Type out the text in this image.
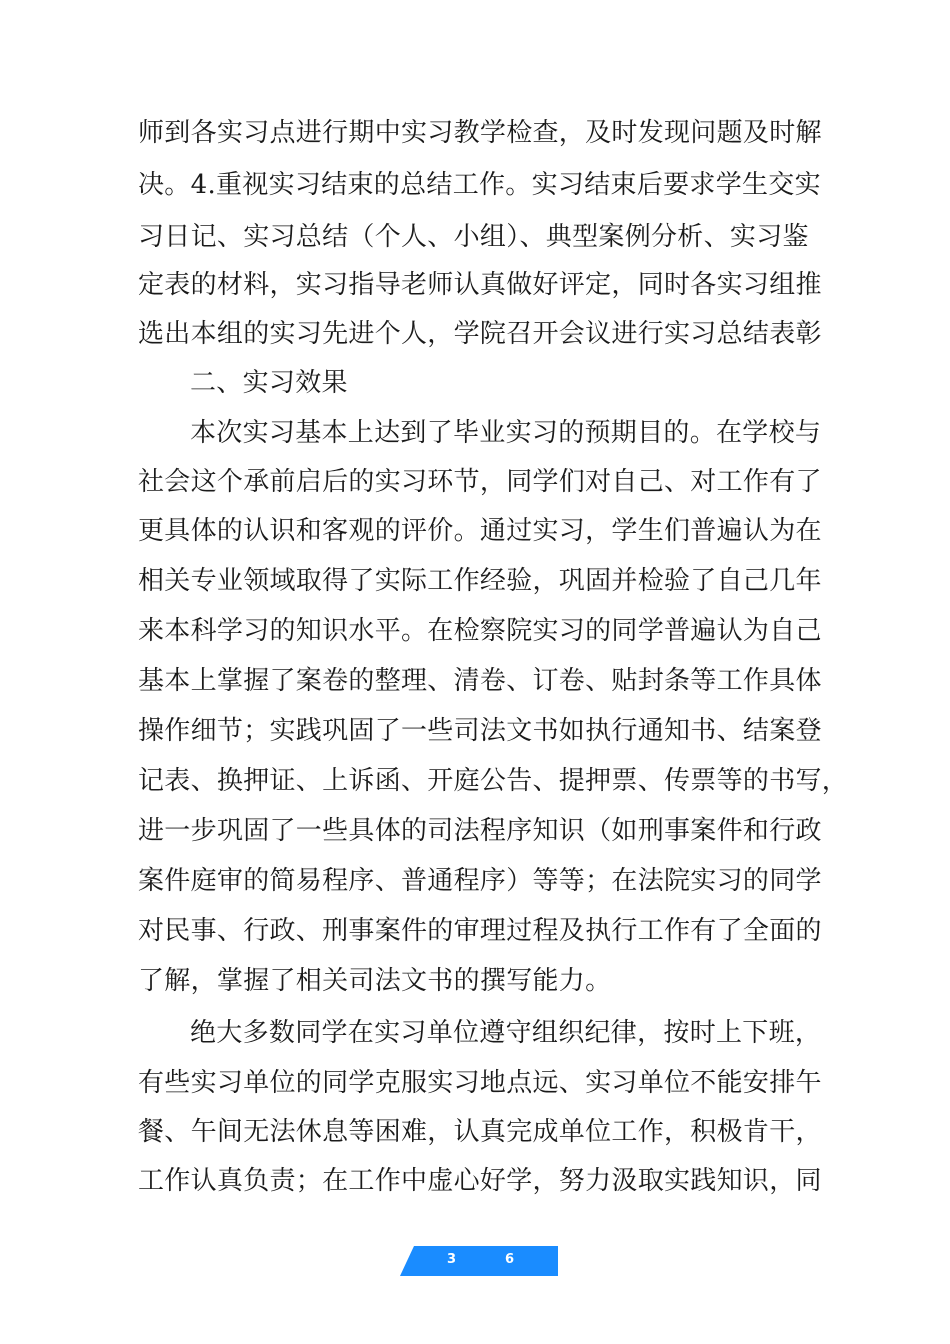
师到各实习点进行期中实习教学检查，及时发现问题及时解
决。4.重视实习结束的总结工作。实习结束后要求学生交实
习日记、实习总结（个人、小组）、典型案例分析、实习鉴
定表的材料，实习指导老师认真做好评定，同时各实习组推
选出本组的实习先进个人，学院召开会议进行实习总结表彰
二、实习效果
本次实习基本上达到了毕业实习的预期目的。在学校与
社会这个承前启后的实习环节，同学们对自己、对工作有了
更具体的认识和客观的评价。通过实习，学生们普遍认为在
相关专业领域取得了实际工作经验，巩固并检验了自己几年
来本科学习的知识水平。在检察院实习的同学普遍认为自己
基本上掌握了案卷的整理、清卷、订卷、贴封条等工作具体
操作细节；实践巩固了一些司法文书如执行通知书、结案登
记表、换押证、上诉函、开庭公告、提押票、传票等的书写，
进一步巩固了一些具体的司法程序知识（如刑事案件和行政
案件庭审的简易程序、普通程序）等等；在法院实习的同学
对民事、行政、刑事案件的审理过程及执行工作有了全面的
了解，掌握了相关司法文书的撰写能力。
绝大多数同学在实习单位遵守组织纪律，按时上下班，
有些实习单位的同学克服实习地点远、实习单位不能安排午
餐、午间无法休息等困难，认真完成单位工作，积极肯干，
工作认真负责；在工作中虚心好学，努力汲取实践知识，同
3	6
